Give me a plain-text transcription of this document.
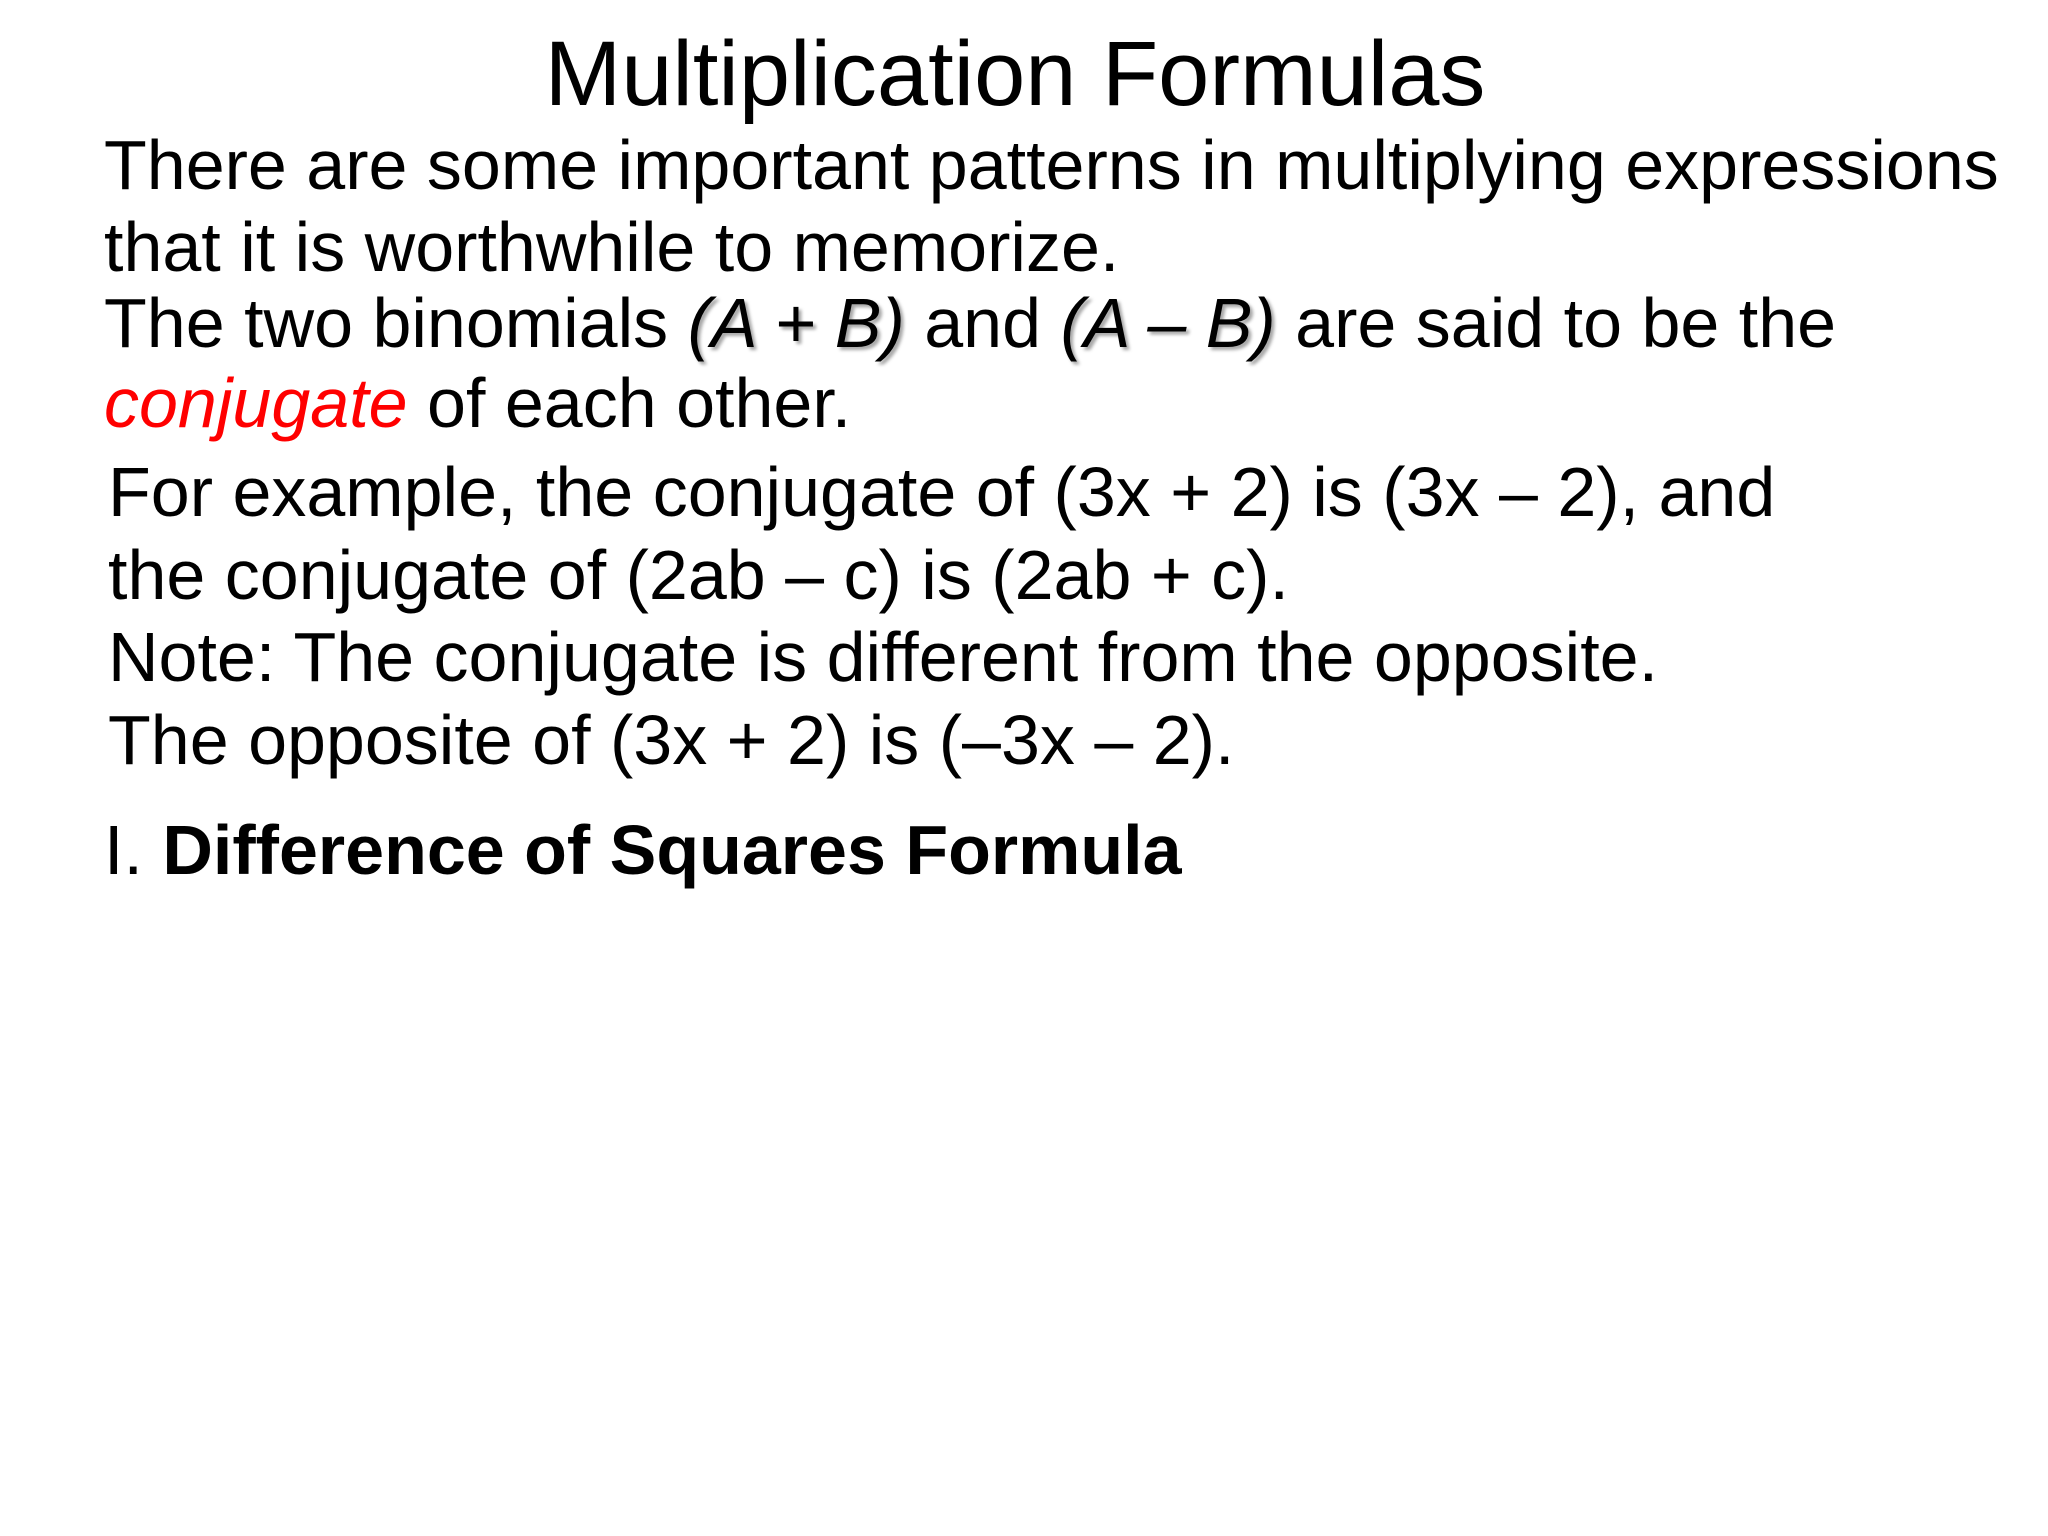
Multiplication Formulas

There are some important patterns in multiplying expressions

that it is worthwhile to memorize.

The two binomials (A + B) and (A – B) are said to be the

conjugate of each other.

For example, the conjugate of (3x + 2) is (3x – 2), and

the conjugate of (2ab – c) is (2ab + c).

Note: The conjugate is different from the opposite.

The opposite of (3x + 2) is (–3x – 2).

I. Difference of Squares Formula
